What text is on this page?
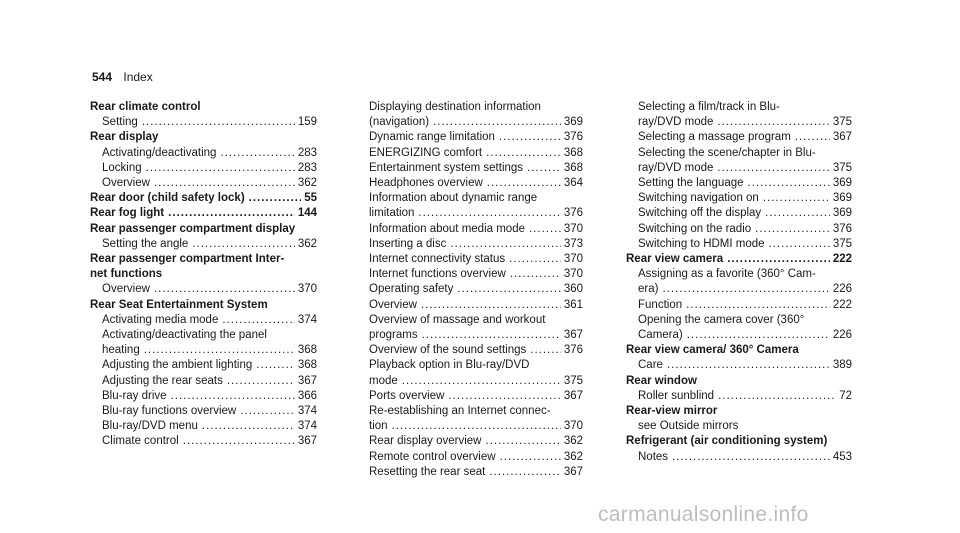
544 Index
Rear climate control
Setting .....	159
Rear display
Activating/deactivating .....	283
Locking .....	283
Overview .....	362
Rear door (child safety lock) .....	55
Rear fog light .....	144
Rear passenger compartment display
Setting the angle .....	362
Rear passenger compartment Inter-
net functions
Overview .....	370
Rear Seat Entertainment System
Activating media mode .....	374
Activating/deactivating the panel
heating .....	368
Adjusting the ambient lighting .....	368
Adjusting the rear seats .....	367
Blu-ray drive .....	366
Blu-ray functions overview .....	374
Blu-ray/DVD menu .....	374
Climate control .....	367
Displaying destination information
(navigation) .....	369
Dynamic range limitation .....	376
ENERGIZING comfort .....	368
Entertainment system settings .....	368
Headphones overview .....	364
Information about dynamic range
limitation .....	376
Information about media mode .....	370
Inserting a disc .....	373
Internet connectivity status .....	370
Internet functions overview .....	370
Operating safety .....	360
Overview .....	361
Overview of massage and workout
programs .....	367
Overview of the sound settings .....	376
Playback option in Blu-ray/DVD
mode .....	375
Ports overview .....	367
Re-establishing an Internet connec-
tion .....	370
Rear display overview .....	362
Remote control overview .....	362
Resetting the rear seat .....	367
Selecting a film/track in Blu-
ray/DVD mode .....	375
Selecting a massage program .....	367
Selecting the scene/chapter in Blu-
ray/DVD mode .....	375
Setting the language .....	369
Switching navigation on .....	369
Switching off the display .....	369
Switching on the radio .....	376
Switching to HDMI mode .....	375
Rear view camera .....	222
Assigning as a favorite (360° Cam-
era) .....	226
Function .....	222
Opening the camera cover (360°
Camera) .....	226
Rear view camera/ 360° Camera
Care .....	389
Rear window
Roller sunblind .....	72
Rear-view mirror
see Outside mirrors
Refrigerant (air conditioning system)
Notes .....	453
carmanualsonline.info
